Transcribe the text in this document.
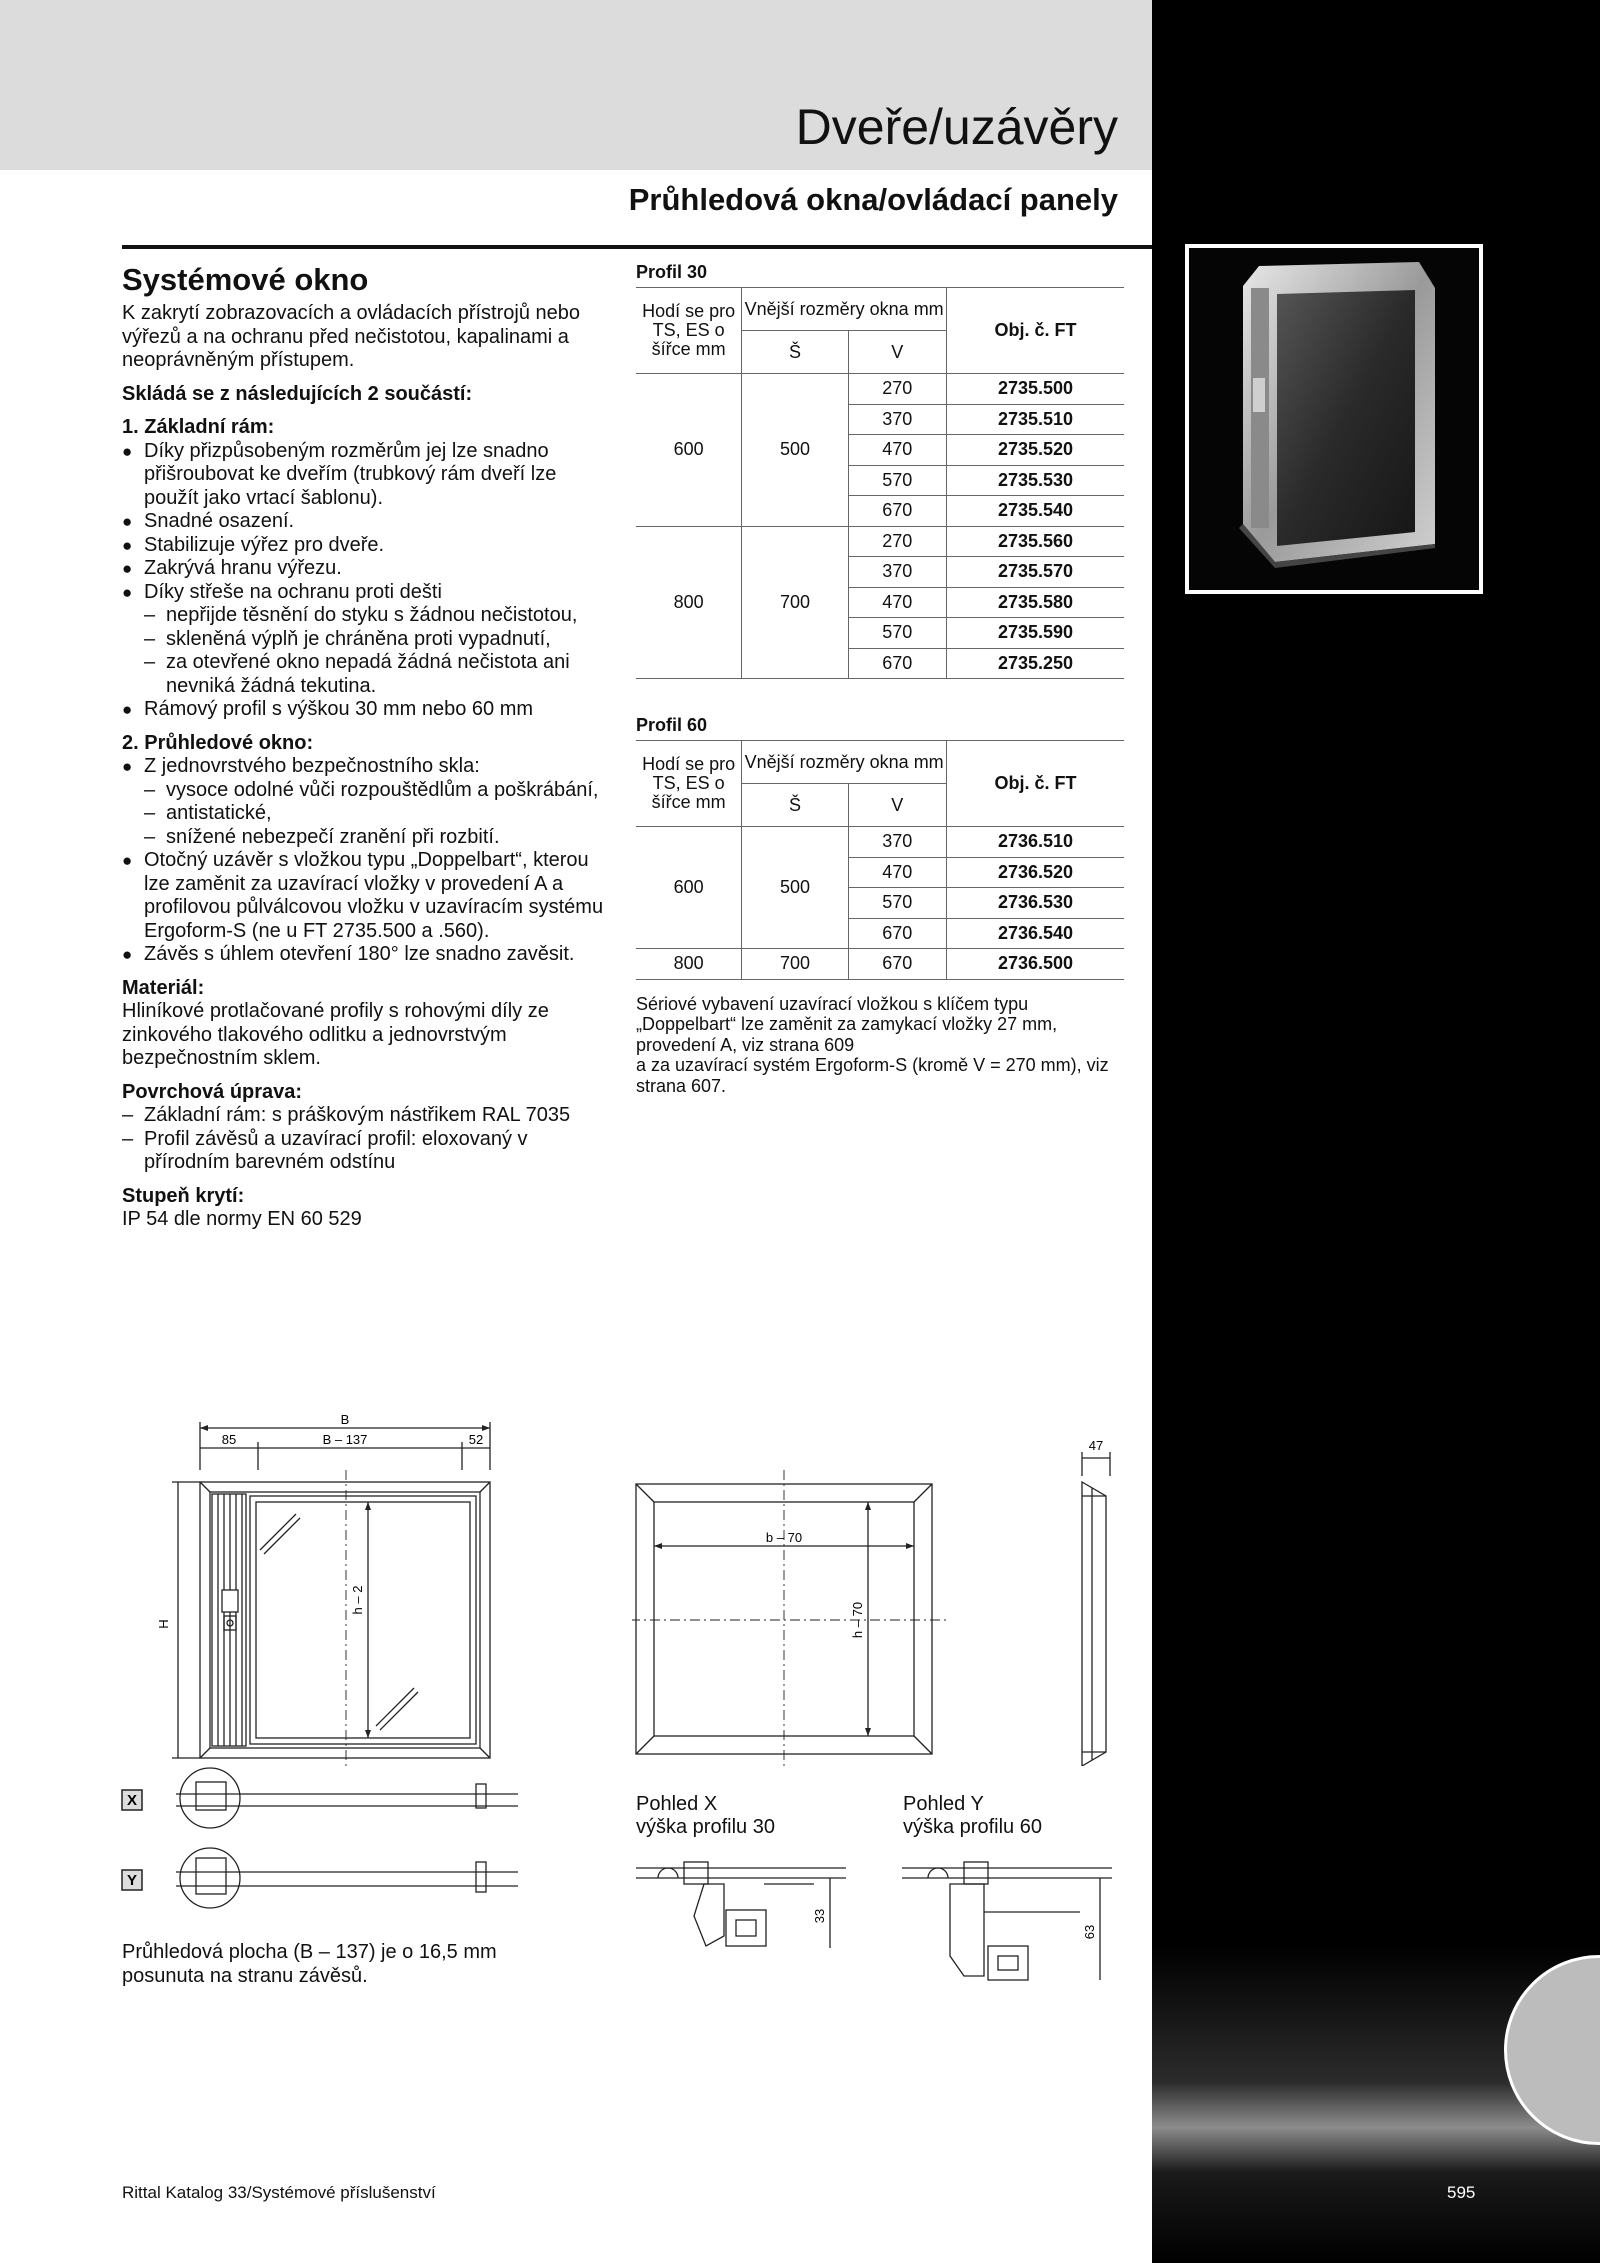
Dveře/uzávěry
Průhledová okna/ovládací panely
Systémové okno

K zakrytí zobrazovacích a ovládacích přístrojů nebo výřezů a na ochranu před nečistotou, kapalinami a neoprávněným přístupem.

Skládá se z následujících 2 součástí:

1. Základní rám:

● Díky přizpůsobeným rozměrům jej lze snadno přišroubovat ke dveřím (trubkový rám dveří lze použít jako vrtací šablonu).
● Snadné osazení.
● Stabilizuje výřez pro dveře.
● Zakrývá hranu výřezu.
● Díky střeše na ochranu proti dešti
– nepřijde těsnění do styku s žádnou nečistotou,
– skleněná výplň je chráněna proti vypadnutí,
– za otevřené okno nepadá žádná nečistota ani nevniká žádná tekutina.
● Rámový profil s výškou 30 mm nebo 60 mm

2. Průhledové okno:

● Z jednovrstvého bezpečnostního skla:
– vysoce odolné vůči rozpouštědlům a poškrábání,
– antistatické,
– snížené nebezpečí zranění při rozbití.
● Otočný uzávěr s vložkou typu „Doppelbart“, kterou lze zaměnit za uzavírací vložky v provedení A a profilovou půlválcovou vložku v uzavíracím systému Ergoform-S (ne u FT 2735.500 a .560).
● Závěs s úhlem otevření 180° lze snadno zavěsit.

Materiál:

Hliníkové protlačované profily s rohovými díly ze zinkového tlakového odlitku a jednovrstvým bezpečnostním sklem.

Povrchová úprava:

– Základní rám: s práškovým nástřikem RAL 7035
– Profil závěsů a uzavírací profil: eloxovaný v přírodním barevném odstínu

Stupeň krytí:

IP 54 dle normy EN 60 529

Profil 30

Hodí se pro TS, ES o šířce mm	Vnější rozměry okna mm		Obj. č. FT
	Š	V	
600	500	270	2735.500
		370	2735.510
		470	2735.520
		570	2735.530
		670	2735.540
800	700	270	2735.560
		370	2735.570
		470	2735.580
		570	2735.590
		670	2735.250

Profil 60

Hodí se pro TS, ES o šířce mm	Vnější rozměry okna mm		Obj. č. FT
	Š	V	
600	500	370	2736.510
		470	2736.520
		570	2736.530
		670	2736.540
800	700	670	2736.500
Sériové vybavení uzavírací vložkou s klíčem typu „Doppelbart“ lze zaměnit za zamykací vložky 27 mm, provedení A, viz strana 609
a za uzavírací systém Ergoform-S (kromě V = 270 mm), viz strana 607.
B
85	B – 137	52
H
h – 2
X
Y
b – 70
h – 70
47
Pohled X
výška profilu 30
33
Pohled Y
výška profilu 60
63
Průhledová plocha (B – 137) je o 16,5 mm posunuta na stranu závěsů.
Rittal Katalog 33/Systémové příslušenství	595
